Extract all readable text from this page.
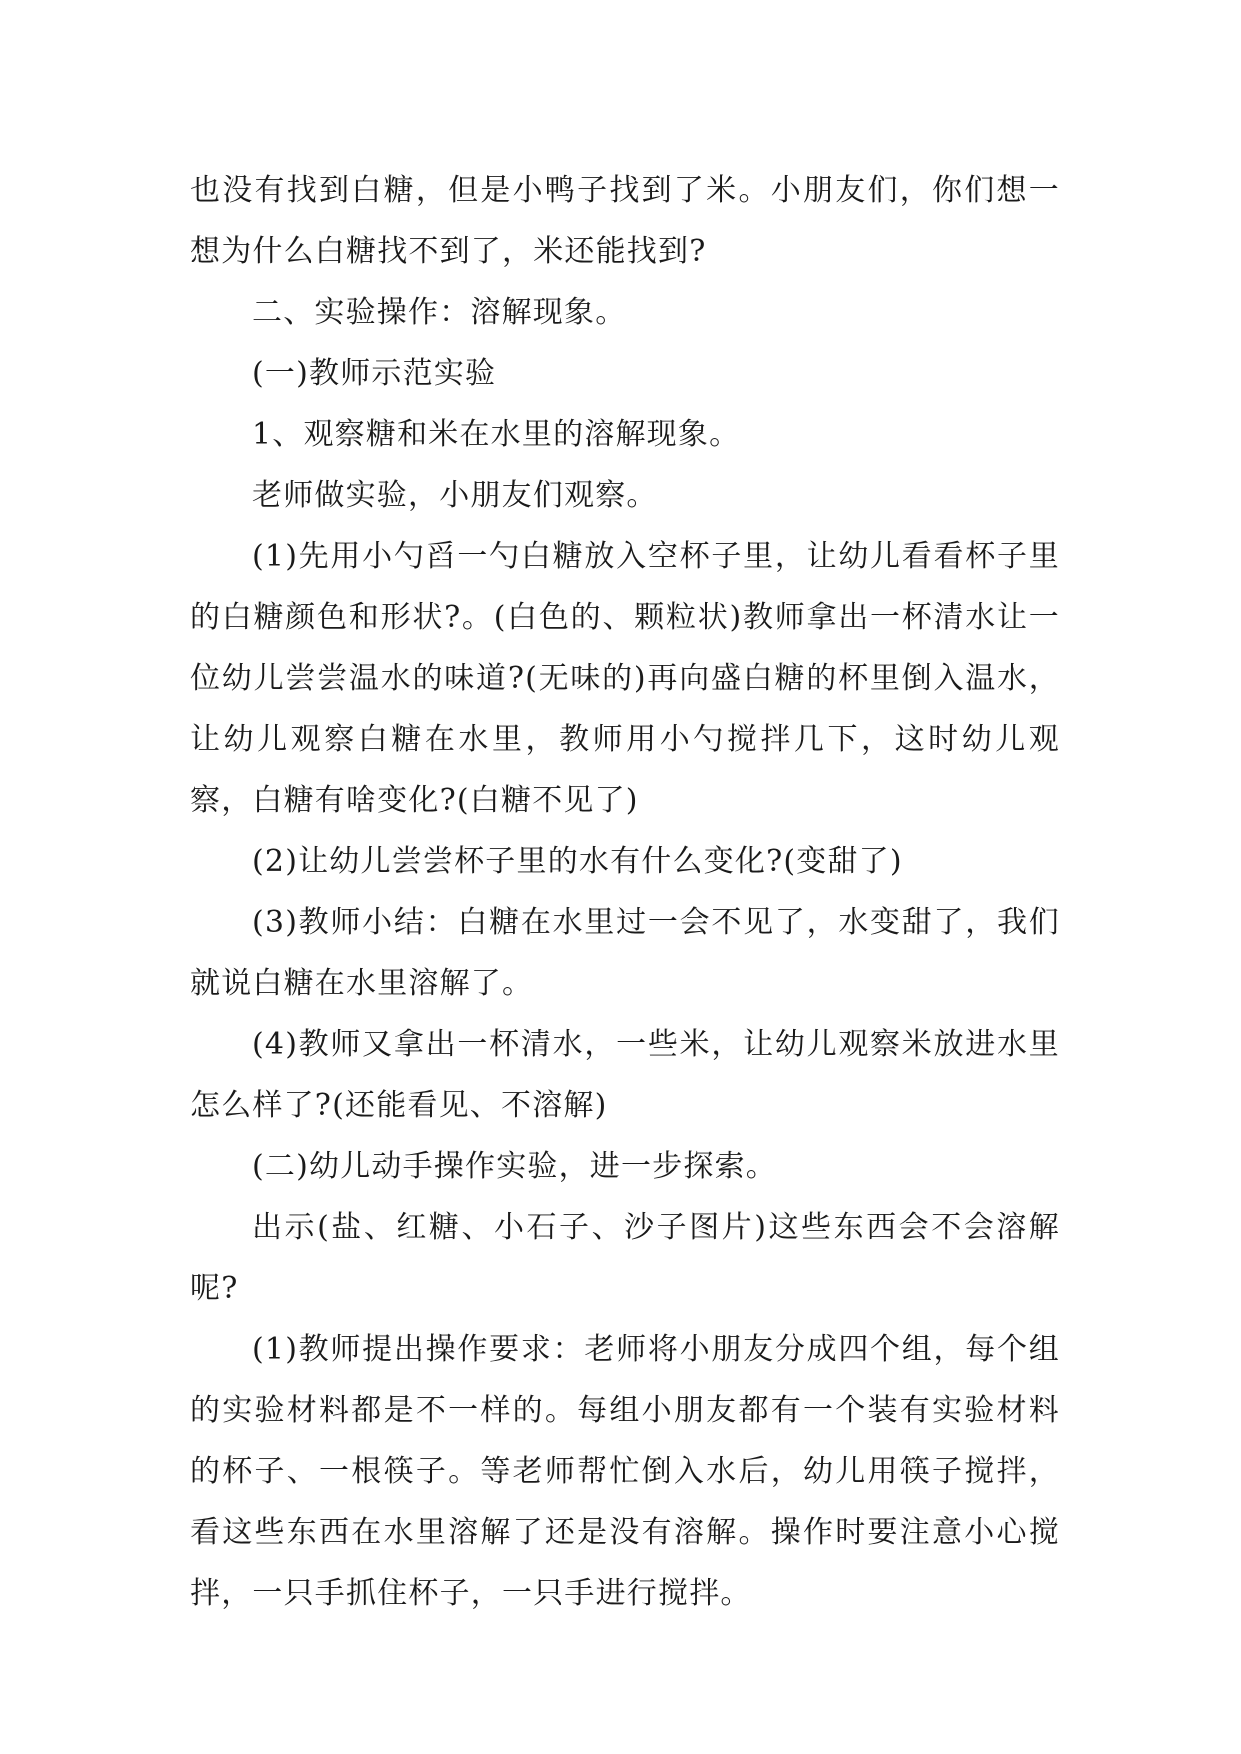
也没有找到白糖，但是小鸭子找到了米。小朋友们，你们想一想为什么白糖找不到了，米还能找到?

二、实验操作：溶解现象。

(一)教师示范实验

1、观察糖和米在水里的溶解现象。

老师做实验，小朋友们观察。

(1)先用小勺舀一勺白糖放入空杯子里，让幼儿看看杯子里的白糖颜色和形状?。(白色的、颗粒状)教师拿出一杯清水让一位幼儿尝尝温水的味道?(无味的)再向盛白糖的杯里倒入温水，让幼儿观察白糖在水里，教师用小勺搅拌几下，这时幼儿观察，白糖有啥变化?(白糖不见了)

(2)让幼儿尝尝杯子里的水有什么变化?(变甜了)

(3)教师小结：白糖在水里过一会不见了，水变甜了，我们就说白糖在水里溶解了。

(4)教师又拿出一杯清水，一些米，让幼儿观察米放进水里怎么样了?(还能看见、不溶解)

(二)幼儿动手操作实验，进一步探索。

出示(盐、红糖、小石子、沙子图片)这些东西会不会溶解呢?

(1)教师提出操作要求：老师将小朋友分成四个组，每个组的实验材料都是不一样的。每组小朋友都有一个装有实验材料的杯子、一根筷子。等老师帮忙倒入水后，幼儿用筷子搅拌，看这些东西在水里溶解了还是没有溶解。操作时要注意小心搅拌，一只手抓住杯子，一只手进行搅拌。
